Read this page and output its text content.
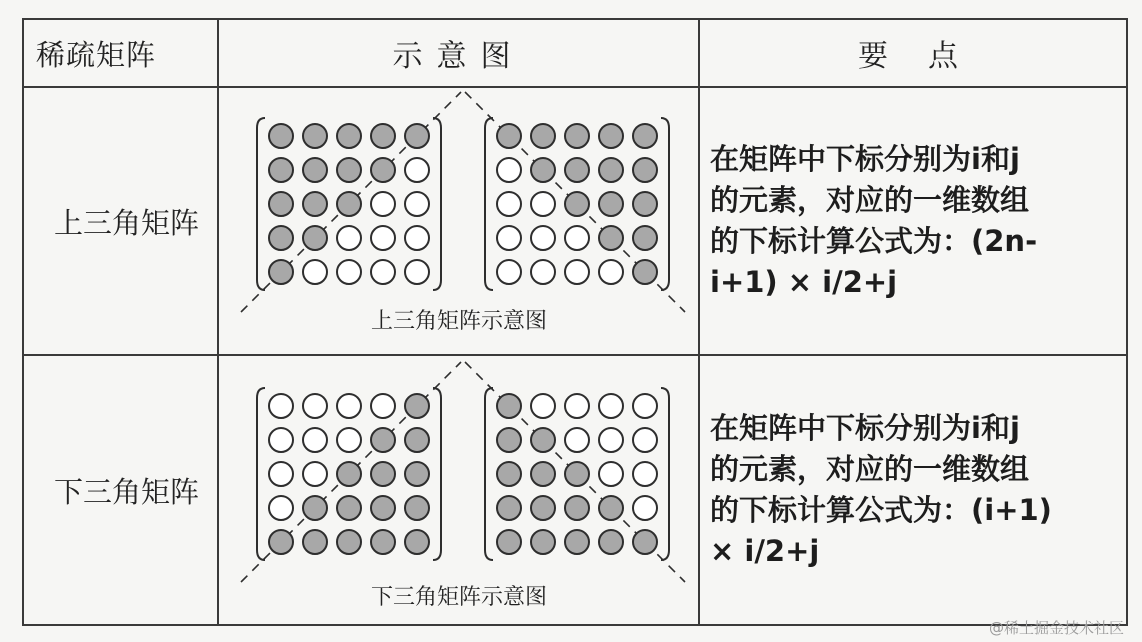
稀疏矩阵	示意图	要点
上三角矩阵	上三角矩阵示意图	在矩阵中下标分别为i和j
的元素，对应的一维数组
的下标计算公式为：(2n-
i+1) × i/2+j

下三角矩阵	下三角矩阵示意图	在矩阵中下标分别为i和j
的元素，对应的一维数组
的下标计算公式为：(i+1)
× i/2+j
@稀土掘金技术社区
